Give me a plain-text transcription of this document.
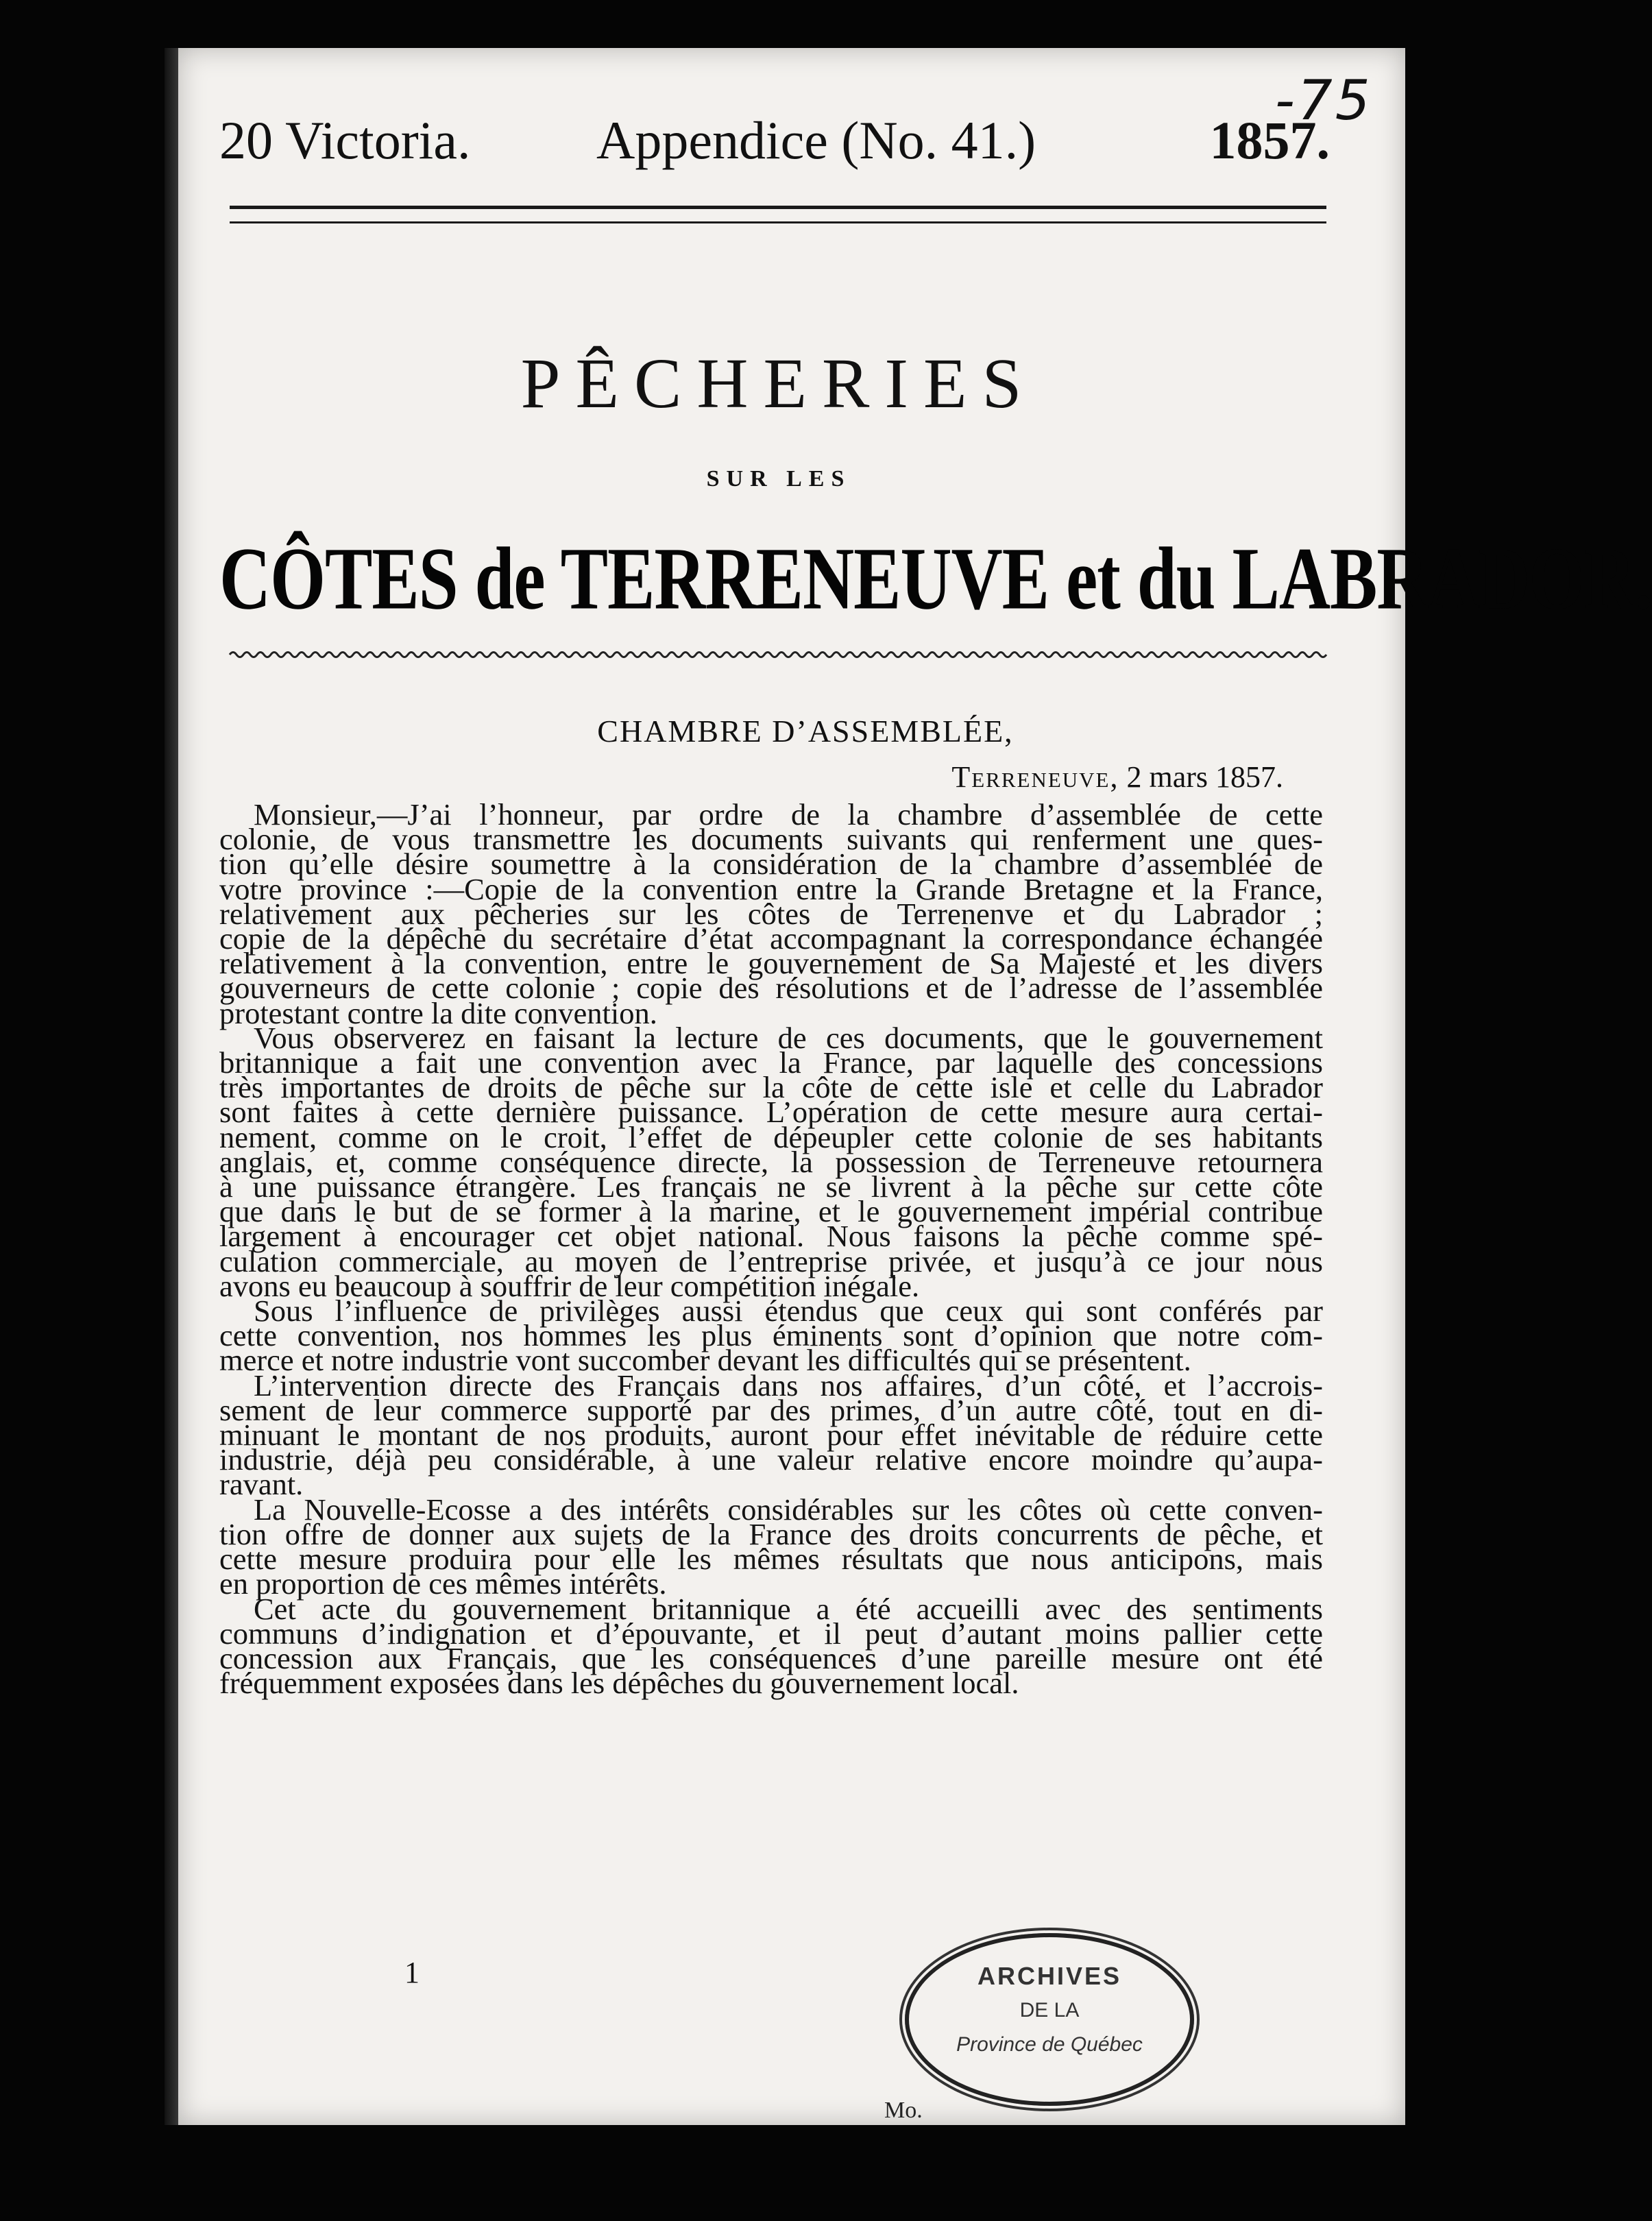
-75
20 Victoria. Appendice (No. 41.)	1857.
PÊCHERIES
SUR LES
CÔTES de TERRENEUVE et du LABRADOR.
CHAMBRE D’ASSEMBLÉE,
Terreneuve, 2 mars 1857.

Monsieur,—J’ai l’honneur, par ordre de la chambre d’assemblée de cette
colonie, de vous transmettre les documents suivants qui renferment une ques-
tion qu’elle désire soumettre à la considération de la chambre d’assemblée de
votre province :—Copie de la convention entre la Grande Bretagne et la France,
relativement aux pêcheries sur les côtes de Terrenenve et du Labrador ;
copie de la dépêche du secrétaire d’état accompagnant la correspondance échangée
relativement à la convention, entre le gouvernement de Sa Majesté et les divers
gouverneurs de cette colonie ; copie des résolutions et de l’adresse de l’assemblée
protestant contre la dite convention.

Vous observerez en faisant la lecture de ces documents, que le gouvernement
britannique a fait une convention avec la France, par laquelle des concessions
très importantes de droits de pêche sur la côte de cette isle et celle du Labrador
sont faites à cette dernière puissance. L’opération de cette mesure aura certai-
nement, comme on le croit, l’effet de dépeupler cette colonie de ses habitants
anglais, et, comme conséquence directe, la possession de Terreneuve retournera
à une puissance étrangère. Les français ne se livrent à la pêche sur cette côte
que dans le but de se former à la marine, et le gouvernement impérial contribue
largement à encourager cet objet national. Nous faisons la pêche comme spé-
culation commerciale, au moyen de l’entreprise privée, et jusqu’à ce jour nous
avons eu beaucoup à souffrir de leur compétition inégale.

Sous l’influence de privilèges aussi étendus que ceux qui sont conférés par
cette convention, nos hommes les plus éminents sont d’opinion que notre com-
merce et notre industrie vont succomber devant les difficultés qui se présentent.

L’intervention directe des Français dans nos affaires, d’un côté, et l’accrois-
sement de leur commerce supporté par des primes, d’un autre côté, tout en di-
minuant le montant de nos produits, auront pour effet inévitable de réduire cette
industrie, déjà peu considérable, à une valeur relative encore moindre qu’aupa-
ravant.

La Nouvelle-Ecosse a des intérêts considérables sur les côtes où cette conven-
tion offre de donner aux sujets de la France des droits concurrents de pêche, et
cette mesure produira pour elle les mêmes résultats que nous anticipons, mais
en proportion de ces mêmes intérêts.

Cet acte du gouvernement britannique a été accueilli avec des sentiments
communs d’indignation et d’épouvante, et il peut d’autant moins pallier cette
concession aux Français, que les conséquences d’une pareille mesure ont été
fréquemment exposées dans les dépêches du gouvernement local.

1	ARCHIVES
DE LA
Province de Québec
Mo.
